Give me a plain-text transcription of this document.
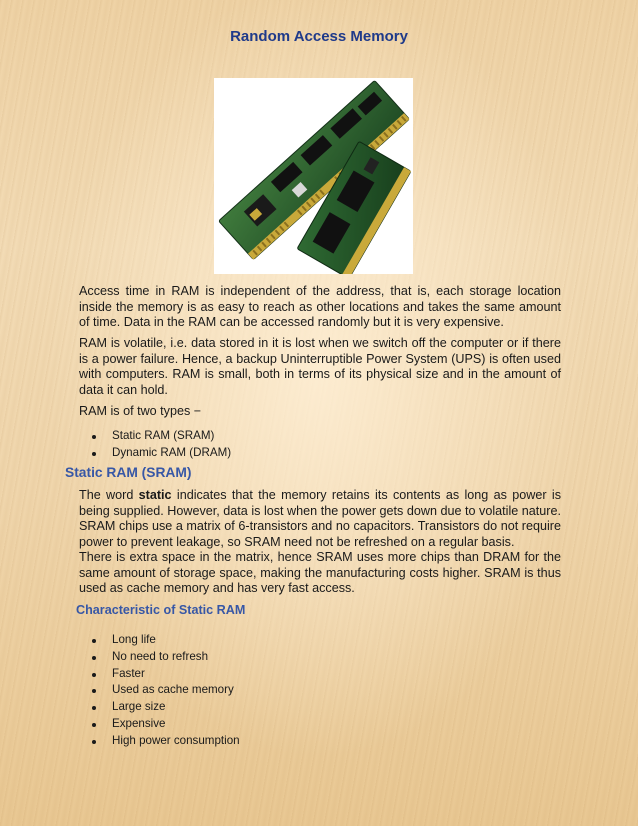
Random Access Memory

Access time in RAM is independent of the address, that is, each storage location inside the memory is as easy to reach as other locations and takes the same amount of time. Data in the RAM can be accessed randomly but it is very expensive.

RAM is volatile, i.e. data stored in it is lost when we switch off the computer or if there is a power failure. Hence, a backup Uninterruptible Power System (UPS) is often used with computers. RAM is small, both in terms of its physical size and in the amount of data it can hold.

RAM is of two types −

Static RAM (SRAM)
Dynamic RAM (DRAM)
Static RAM (SRAM)

The word static indicates that the memory retains its contents as long as power is being supplied. However, data is lost when the power gets down due to volatile nature. SRAM chips use a matrix of 6-transistors and no capacitors. Transistors do not require power to prevent leakage, so SRAM need not be refreshed on a regular basis.

There is extra space in the matrix, hence SRAM uses more chips than DRAM for the same amount of storage space, making the manufacturing costs higher. SRAM is thus used as cache memory and has very fast access.

Characteristic of Static RAM
Long life
No need to refresh
Faster
Used as cache memory
Large size
Expensive
High power consumption
